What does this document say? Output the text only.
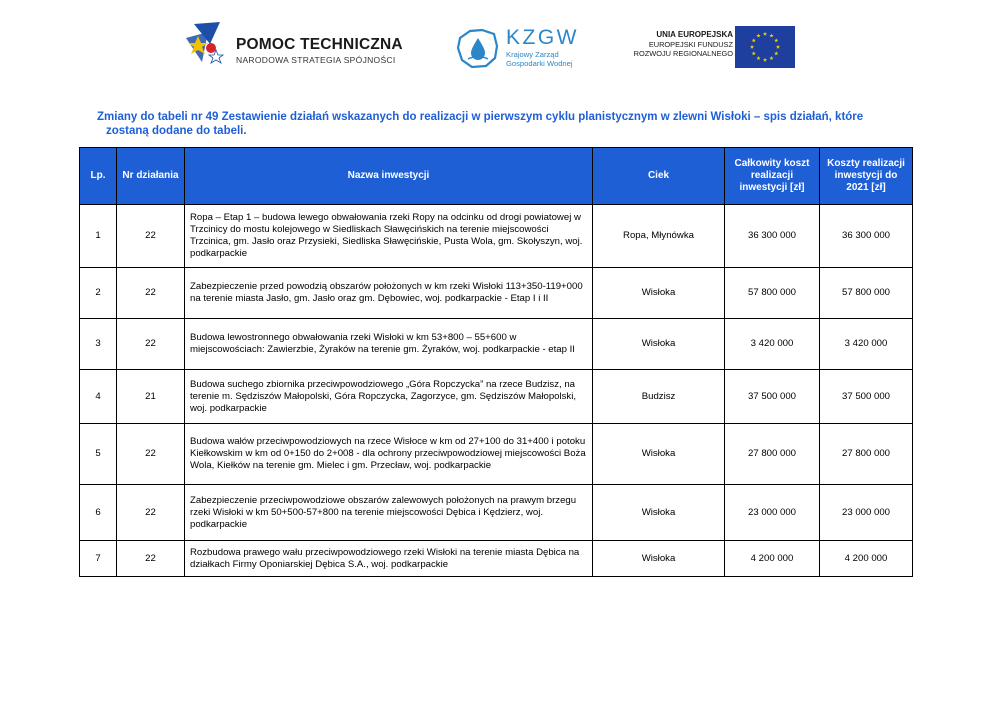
POMOC TECHNICZNA
NARODOWA STRATEGIA SPÓJNOŚCI
KZGW
Krajowy Zarząd
Gospodarki Wodnej
UNIA EUROPEJSKA
EUROPEJSKI FUNDUSZ
ROZWOJU REGIONALNEGO
Zmiany do tabeli nr 49 Zestawienie działań wskazanych do realizacji w pierwszym cyklu planistycznym w zlewni Wisłoki – spis działań, które
zostaną dodane do tabeli.
Lp.	Nr działania	Nazwa inwestycji	Ciek	Całkowity koszt realizacji inwestycji [zł]	Koszty realizacji inwestycji do 2021 [zł]
1	22	Ropa – Etap 1 – budowa lewego obwałowania rzeki Ropy na odcinku od drogi powiatowej w Trzcinicy do mostu kolejowego w Siedliskach Sławęcińskich na terenie miejscowości Trzcinica, gm. Jasło oraz Przysieki, Siedliska Sławęcińskie, Pusta Wola, gm. Skołyszyn, woj. podkarpackie	Ropa, Młynówka	36 300 000	36 300 000
2	22	Zabezpieczenie przed powodzią obszarów położonych w km rzeki Wisłoki 113+350-119+000 na terenie miasta Jasło, gm. Jasło oraz gm. Dębowiec, woj. podkarpackie - Etap I i II	Wisłoka	57 800 000	57 800 000
3	22	Budowa lewostronnego obwałowania rzeki Wisłoki w km 53+800 – 55+600 w miejscowościach: Zawierzbie, Żyraków na terenie gm. Żyraków, woj. podkarpackie - etap II	Wisłoka	3 420 000	3 420 000
4	21	Budowa suchego zbiornika przeciwpowodziowego „Góra Ropczycka” na rzece Budzisz, na terenie m. Sędziszów Małopolski, Góra Ropczycka, Zagorzyce, gm. Sędziszów Małopolski, woj. podkarpackie	Budzisz	37 500 000	37 500 000
5	22	Budowa wałów przeciwpowodziowych na rzece Wisłoce w km od 27+100 do 31+400 i potoku Kiełkowskim w km od 0+150 do 2+008 - dla ochrony przeciwpowodziowej miejscowości Boża Wola, Kiełków na terenie gm. Mielec i gm. Przecław, woj. podkarpackie	Wisłoka	27 800 000	27 800 000
6	22	Zabezpieczenie przeciwpowodziowe obszarów zalewowych położonych na prawym brzegu rzeki Wisłoki w km 50+500-57+800 na terenie miejscowości Dębica i Kędzierz, woj. podkarpackie	Wisłoka	23 000 000	23 000 000
7	22	Rozbudowa prawego wału przeciwpowodziowego rzeki Wisłoki na terenie miasta Dębica na działkach Firmy Oponiarskiej Dębica S.A., woj. podkarpackie	Wisłoka	4 200 000	4 200 000
